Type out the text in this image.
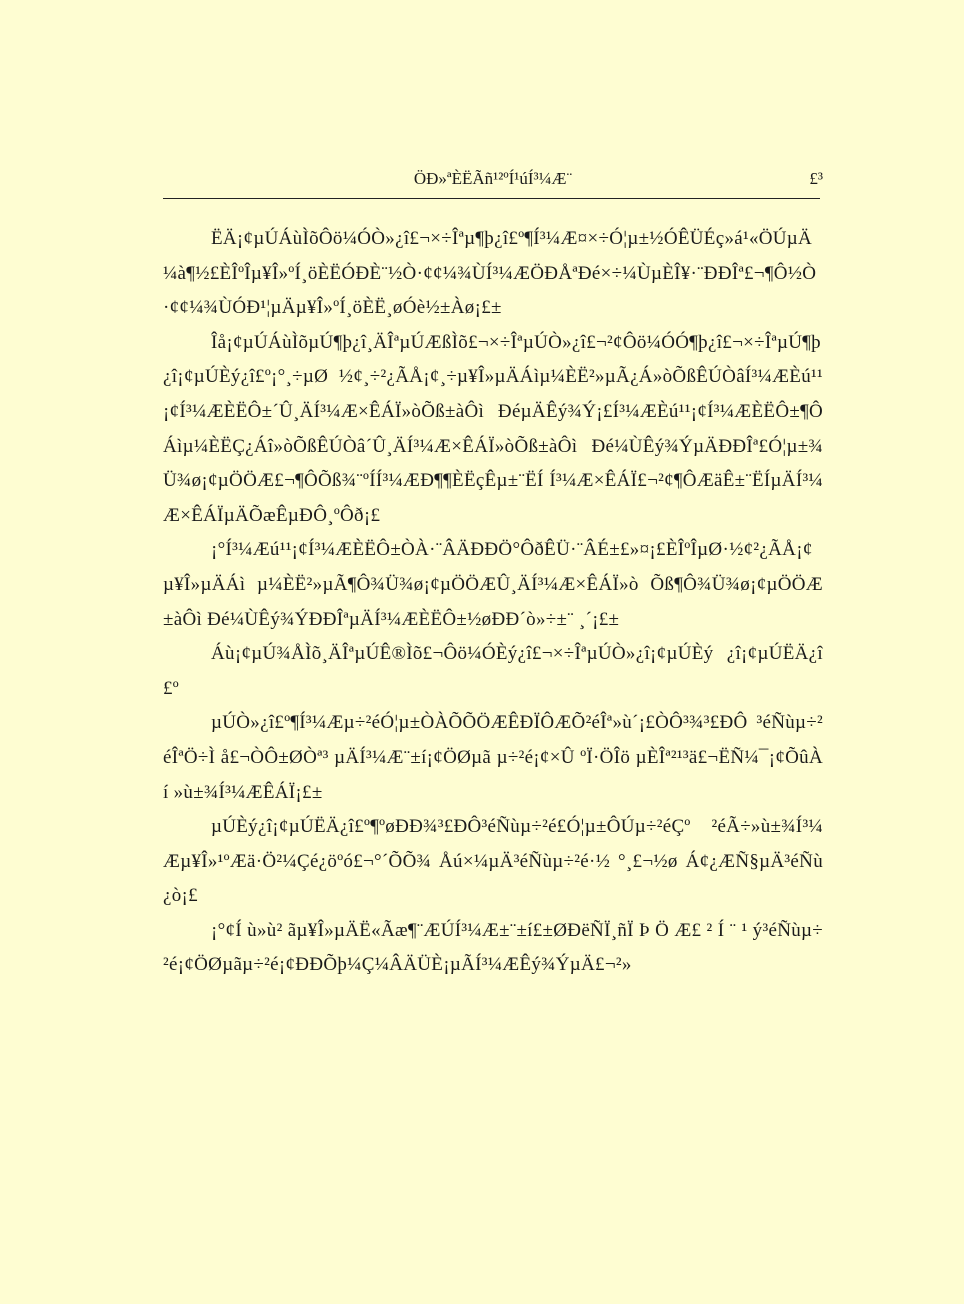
ÖÐ»ªÈËÃñ¹²ºÍ¹úÍ³¼Æ¨	£³

ËÄ¡¢µÚÁùÌõÔö¼ÓÒ»¿î£¬×÷Îªµ¶þ¿î£º¶Í³¼Æ¤×÷Ó¦µ±½ÓÊÜÉç»á¹«ÖÚµÄ¼à¶½£ÈÎºÎµ¥Î»ºÍ¸öÈËÓÐÈ¨½Ò·¢¢¼¾ÙÍ³¼ÆÖÐÅªÐé×÷¼ÙµÈÎ¥·¨ÐÐÎª£¬¶Ô½Ò·¢¢¼¾ÙÓÐ¹¦µÄµ¥Î»ºÍ¸öÈË¸øÓè½±Àø¡£±

Îå¡¢µÚÁùÌõµÚ¶þ¿î¸ÄÎªµÚÆßÌõ£¬×÷ÎªµÚÒ»¿î£¬²¢Ôö¼ÓÓ¶þ¿î£¬×÷ÎªµÚ¶þ¿î¡¢µÚÈý¿î£º¡°¸÷µØ ½¢¸÷²¿ÃÅ¡¢¸÷µ¥Î»µÄÁìµ¼ÈË²»µÃ¿Á»òÕßÊÚÒâÍ³¼ÆÈú¹¹¡¢Í³¼ÆÈËÔ±´Û¸ÄÍ³¼Æ×ÊÁÏ»òÕß±àÔì ÐéµÄÊý¾Ý¡£Í³¼ÆÈú¹¹¡¢Í³¼ÆÈËÔ±¶ÔÁìµ¼ÈËÇ¿Áî»òÕßÊÚÒâ´Û¸ÄÍ³¼Æ×ÊÁÏ»òÕß±àÔì Ðé¼ÙÊý¾ÝµÄÐÐÎª£Ó¦µ±¾Ü¾ø¡¢µÖÖÆ£¬¶ÔÕß¾¨ºÍÍ³¼ÆÐ¶¶ÈËçÊµ±¨ËÍ Í³¼Æ×ÊÁÏ£¬²¢¶ÔÆäÊ±¨ËÍµÄÍ³¼Æ×ÊÁÏµÄÕæÊµÐÔ¸ºÔð¡£

¡°Í³¼Æú¹¹¡¢Í³¼ÆÈËÔ±ÒÀ·¨ÂÄÐÐÖ°ÔðÊÜ·¨ÂÉ±£»¤¡£ÈÎºÎµØ·½¢²¿ÃÅ¡¢µ¥Î»µÄÁì µ¼ÈË²»µÃ¶Ô¾Ü¾ø¡¢µÖÖÆÛ¸ÄÍ³¼Æ×ÊÁÏ»ò Õß¶Ô¾Ü¾ø¡¢µÖÖÆ±àÔì Ðé¼ÙÊý¾ÝÐÐÎªµÄÍ³¼ÆÈËÔ±½øÐÐ´ò»÷±¨ ¸´¡£±

Áù¡¢µÚ¾ÅÌõ¸ÄÎªµÚÊ®Ìõ£¬Ôö¼ÓÈý¿î£¬×÷ÎªµÚÒ»¿î¡¢µÚÈý ¿î¡¢µÚËÄ¿î£º

µÚÒ»¿î£º¶Í³¼Æµ÷²éÓ¦µ±ÒÀÕÕÖÆÊÐÏÔÆÕ²éÎª»ù´¡£ÒÔ³¾³£ÐÔ ³éÑùµ÷²éÎªÖ÷Ì å£¬ÒÔ±ØÒª³ µÄÍ³¼Æ¨±í¡¢ÖØµã µ÷²é¡¢×Û ºÏ·ÖÎö µÈÎª²¹³ä£¬ËÑ¼¯¡¢ÕûÀí »ù±¾Í³¼ÆÊÁÏ¡£±

µÚÈý¿î¡¢µÚËÄ¿î£º¶ºøÐÐ¾³£ÐÔ³éÑùµ÷²é£Ó¦µ±ÔÚµ÷²éÇº ²éÃ÷»ù±¾Í³¼Æµ¥Î»¹ºÆä·Ö²¼Çé¿öºó£¬°´ÕÕ¾ Åú×¼µÄ³éÑùµ÷²é·½ °¸£¬½ø Á¢¿ÆÑ§µÄ³éÑù¿ò¡£

¡°¢Í ù»ù² ãµ¥Î»µÄË«Ãæ¶¨ÆÚÍ³¼Æ±¨±í£±ØÐëÑÏ¸ñÏ Þ Ö Æ£ ² Í ¨ ¹ ý³éÑùµ÷²é¡¢ÖØµãµ÷²é¡¢ÐÐÕþ¼Ç¼ÂÄÜÈ¡µÃÍ³¼ÆÊý¾ÝµÄ£¬²»
